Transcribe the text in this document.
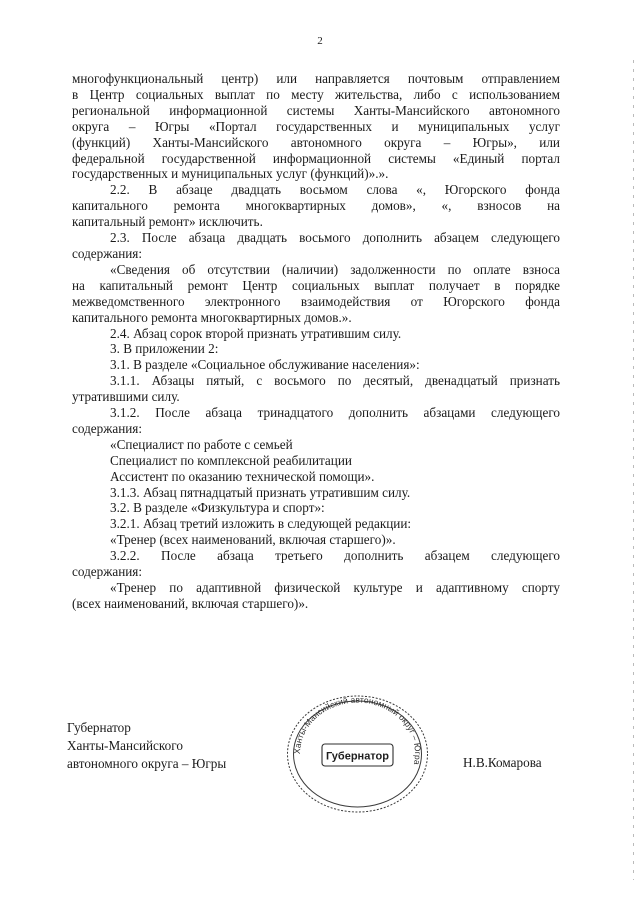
2

многофункциональный центр) или направляется почтовым отправлением

в Центр социальных выплат по месту жительства, либо с использованием

региональной информационной системы Ханты-Мансийского автономного

округа – Югры «Портал государственных и муниципальных услуг

(функций) Ханты-Мансийского автономного округа – Югры», или

федеральной государственной информационной системы «Единый портал

государственных и муниципальных услуг (функций)».».

2.2. В абзаце двадцать восьмом слова «, Югорского фонда

капитального ремонта многоквартирных домов», «, взносов на

капитальный ремонт» исключить.

2.3. После абзаца двадцать восьмого дополнить абзацем следующего

содержания:

«Сведения об отсутствии (наличии) задолженности по оплате взноса

на капитальный ремонт Центр социальных выплат получает в порядке

межведомственного электронного взаимодействия от Югорского фонда

капитального ремонта многоквартирных домов.».

2.4. Абзац сорок второй признать утратившим силу.

3. В приложении 2:

3.1. В разделе «Социальное обслуживание населения»:

3.1.1. Абзацы пятый, с восьмого по десятый, двенадцатый признать

утратившими силу.

3.1.2. После абзаца тринадцатого дополнить абзацами следующего

содержания:

«Специалист по работе с семьей

Специалист по комплексной реабилитации

Ассистент по оказанию технической помощи».

3.1.3. Абзац пятнадцатый признать утратившим силу.

3.2. В разделе «Физкультура и спорт»:

3.2.1. Абзац третий изложить в следующей редакции:

«Тренер (всех наименований, включая старшего)».

3.2.2. После абзаца третьего дополнить абзацем следующего

содержания:

«Тренер по адаптивной физической культуре и адаптивному спорту

(всех наименований, включая старшего)».

Губернатор
Ханты-Мансийского
автономного округа – Югры
Ханты-Мансийский автономный округ – Югра
Губернатор	Н.В.Комарова
